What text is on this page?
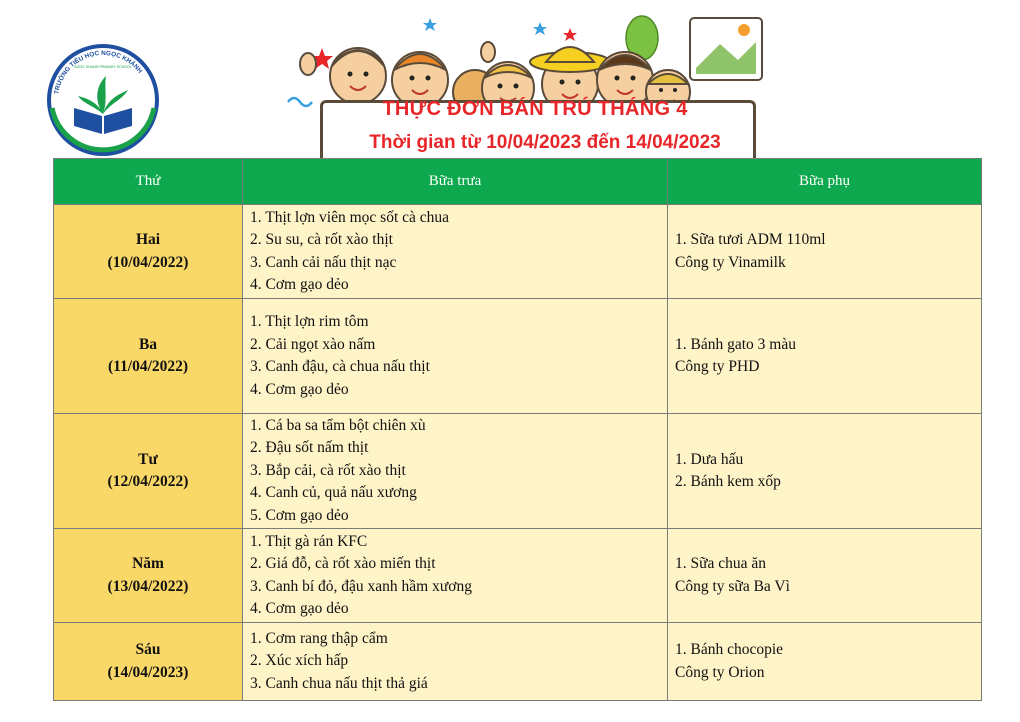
TRƯỜNG TIỂU HỌC NGỌC KHÁNH
NGOC KHANH PRIMARY SCHOOL
THỰC ĐƠN BÁN TRÚ THÁNG 4
Thời gian từ 10/04/2023 đến 14/04/2023
Thứ	Bữa trưa	Bữa phụ

Hai
(10/04/2022)	1. Thịt lợn viên mọc sốt cà chua
2. Su su, cà rốt xào thịt
3. Canh cải nấu thịt nạc
4. Cơm gạo dẻo	1. Sữa tươi ADM 110ml
Công ty Vinamilk

Ba
(11/04/2022)	1. Thịt lợn rim tôm
2. Cải ngọt xào nấm
3. Canh đậu, cà chua nấu thịt
4. Cơm gạo dẻo	1. Bánh gato 3 màu
Công ty PHD

Tư
(12/04/2022)	1. Cá ba sa tẩm bột chiên xù
2. Đậu sốt nấm thịt
3. Bắp cải, cà rốt xào thịt
4. Canh củ, quả nấu xương
5. Cơm gạo dẻo	1. Dưa hấu
2. Bánh kem xốp

Năm
(13/04/2022)	1. Thịt gà rán KFC
2. Giá đỗ, cà rốt xào miến thịt
3. Canh bí đỏ, đậu xanh hầm xương
4. Cơm gạo dẻo	1. Sữa chua ăn
Công ty sữa Ba Vì

Sáu
(14/04/2023)	1. Cơm rang thập cẩm
2. Xúc xích hấp
3. Canh chua nấu thịt thả giá	1. Bánh chocopie
Công ty Orion
